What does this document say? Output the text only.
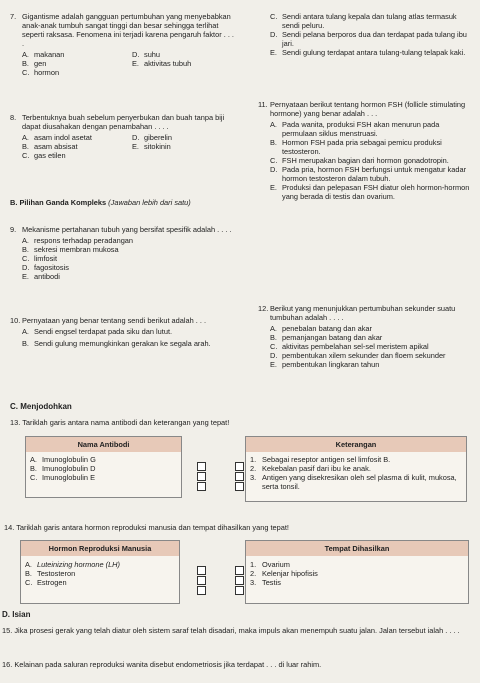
7. Gigantisme adalah gangguan pertumbuhan yang menyebabkan anak-anak tumbuh sangat tinggi dan besar sehingga terlihat seperti raksasa. Fenomena ini terjadi karena pengaruh faktor . . . .
A. makanan	D. suhu
B. gen	E. aktivitas tubuh
C. hormon
8. Terbentuknya buah sebelum penyerbukan dan buah tanpa biji dapat diusahakan dengan penambahan . . . .
A. asam indol asetat	D. giberelin
B. asam absisat	E. sitokinin
C. gas etilen
B. Pilihan Ganda Kompleks (Jawaban lebih dari satu)
9. Mekanisme pertahanan tubuh yang bersifat spesifik adalah . . . .
A. respons terhadap peradangan
B. sekresi membran mukosa
C. limfosit
D. fagositosis
E. antibodi
10. Pernyataan yang benar tentang sendi berikut adalah . . .
A. Sendi engsel terdapat pada siku dan lutut.
B. Sendi gulung memungkinkan gerakan ke segala arah.
C. Sendi antara tulang kepala dan tulang atlas termasuk sendi peluru.
D. Sendi pelana berporos dua dan terdapat pada tulang ibu jari.
E. Sendi gulung terdapat antara tulang-tulang telapak kaki.
11. Pernyataan berikut tentang hormon FSH (follicle stimulating hormone) yang benar adalah . . .
A. Pada wanita, produksi FSH akan menurun pada permulaan siklus menstruasi.
B. Hormon FSH pada pria sebagai pemicu produksi testosteron.
C. FSH merupakan bagian dari hormon gonadotropin.
D. Pada pria, hormon FSH berfungsi untuk mengatur kadar hormon testosteron dalam tubuh.
E. Produksi dan pelepasan FSH diatur oleh hormon-hormon yang berada di testis dan ovarium.
12. Berikut yang menunjukkan pertumbuhan sekunder suatu tumbuhan adalah . . . .
A. penebalan batang dan akar
B. pemanjangan batang dan akar
C. aktivitas pembelahan sel-sel meristem apikal
D. pembentukan xilem sekunder dan floem sekunder
E. pembentukan lingkaran tahun
C. Menjodohkan
13. Tariklah garis antara nama antibodi dan keterangan yang tepat!
Nama Antibodi
A. Imunoglobulin G
B. Imunoglobulin D
C. Imunoglobulin E
Keterangan
1. Sebagai reseptor antigen sel limfosit B.
2. Kekebalan pasif dari ibu ke anak.
3. Antigen yang disekresikan oleh sel plasma di kulit, mukosa, serta tonsil.
14. Tariklah garis antara hormon reproduksi manusia dan tempat dihasilkan yang tepat!
Hormon Reproduksi Manusia
A. Luteinizing hormone (LH)
B. Testosteron
C. Estrogen
Tempat Dihasilkan
1. Ovarium
2. Kelenjar hipofisis
3. Testis
D. Isian
15. Jika prosesi gerak yang telah diatur oleh sistem saraf telah disadari, maka impuls akan menempuh suatu jalan. Jalan tersebut ialah . . . .
16. Kelainan pada saluran reproduksi wanita disebut endometriosis jika terdapat . . . di luar rahim.
